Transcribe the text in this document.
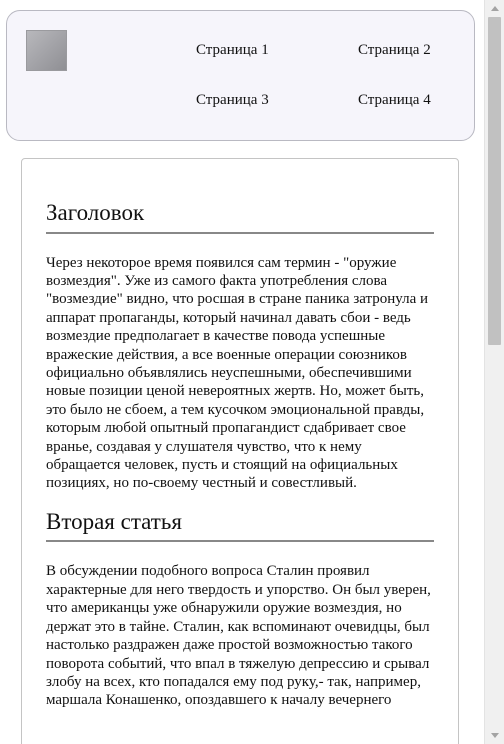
Страница 1	Страница 2
Страница 3	Страница 4
Заголовок

Через некоторое время появился сам термин - "оружие возмездия". Уже из самого факта употребления слова "возмездие" видно, что росшая в стране паника затронула и аппарат пропаганды, который начинал давать сбои - ведь возмездие предполагает в качестве повода успешные вражеские действия, а все военные операции союзников официально объявлялись неуспешными, обеспечившими новые позиции ценой невероятных жертв. Но, может быть, это было не сбоем, а тем кусочком эмоциональной правды, которым любой опытный пропагандист сдабривает свое вранье, создавая у слушателя чувство, что к нему обращается человек, пусть и стоящий на официальных позициях, но по-своему честный и совестливый.

Вторая статья

В обсуждении подобного вопроса Сталин проявил характерные для него твердость и упорство. Он был уверен, что американцы уже обнаружили оружие возмездия, но держат это в тайне. Сталин, как вспоминают очевидцы, был настолько раздражен даже простой возможностью такого поворота событий, что впал в тяжелую депрессию и срывал злобу на всех, кто попадался ему под руку,- так, например, маршала Конашенко, опоздавшего к началу вечернего
